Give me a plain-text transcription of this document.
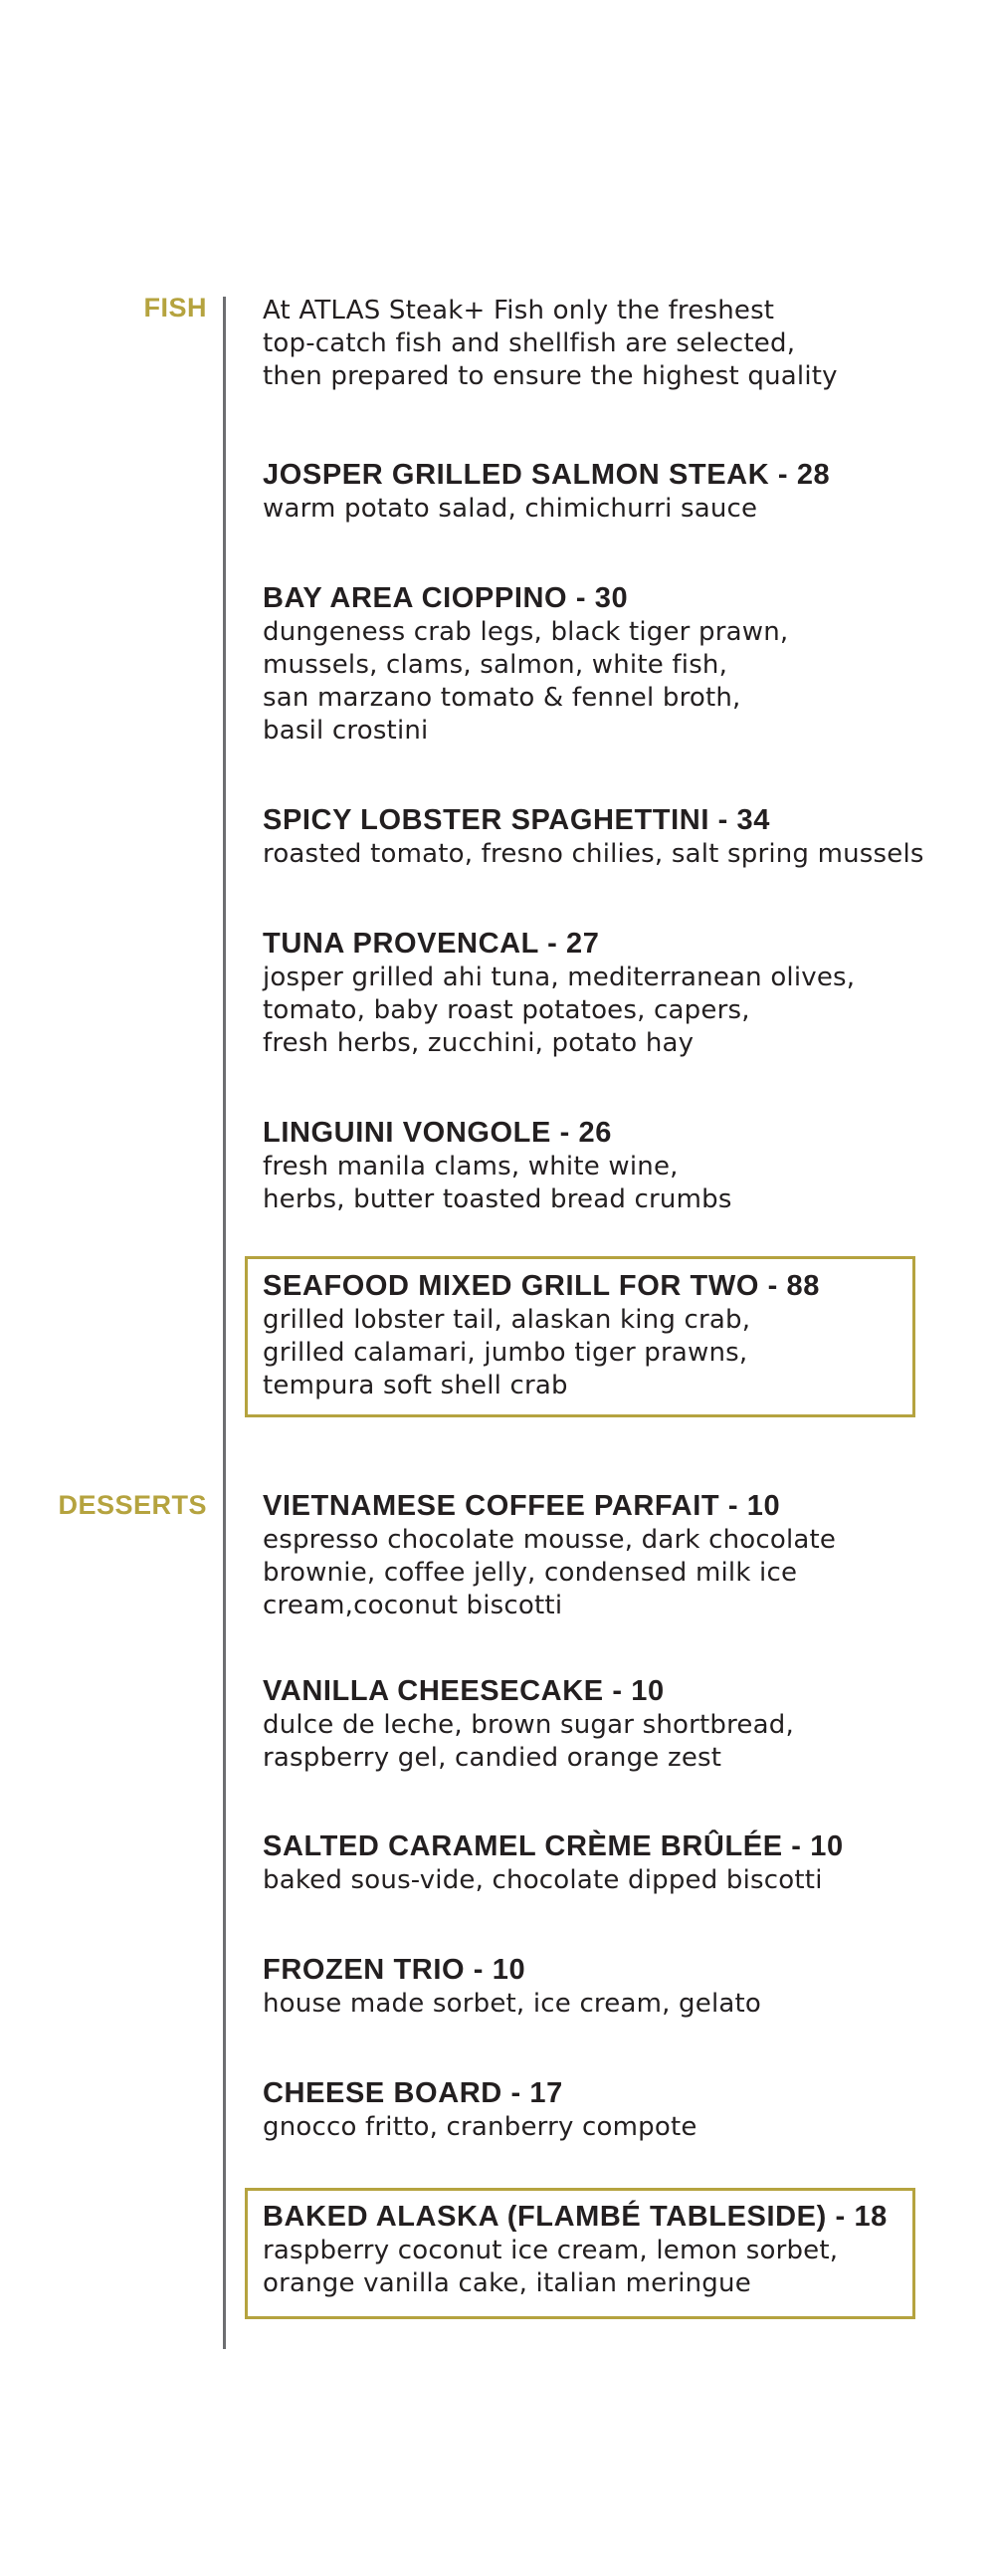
FISH At ATLAS Steak+ Fish only the freshest
top-catch fish and shellfish are selected,
then prepared to ensure the highest quality
JOSPER GRILLED SALMON STEAK - 28
warm potato salad, chimichurri sauce
BAY AREA CIOPPINO - 30
dungeness crab legs, black tiger prawn,
mussels, clams, salmon, white fish,
san marzano tomato & fennel broth,
basil crostini
SPICY LOBSTER SPAGHETTINI - 34
roasted tomato, fresno chilies, salt spring mussels
TUNA PROVENCAL - 27
josper grilled ahi tuna, mediterranean olives,
tomato, baby roast potatoes, capers,
fresh herbs, zucchini, potato hay
LINGUINI VONGOLE - 26
fresh manila clams, white wine,
herbs, butter toasted bread crumbs
SEAFOOD MIXED GRILL FOR TWO - 88
grilled lobster tail, alaskan king crab,
grilled calamari, jumbo tiger prawns,
tempura soft shell crab
DESSERTS VIETNAMESE COFFEE PARFAIT - 10
espresso chocolate mousse, dark chocolate
brownie, coffee jelly, condensed milk ice
cream,coconut biscotti
VANILLA CHEESECAKE - 10
dulce de leche, brown sugar shortbread,
raspberry gel, candied orange zest
SALTED CARAMEL CRÈME BRÛLÉE - 10
baked sous-vide, chocolate dipped biscotti
FROZEN TRIO - 10
house made sorbet, ice cream, gelato
CHEESE BOARD - 17
gnocco fritto, cranberry compote
BAKED ALASKA (FLAMBÉ TABLESIDE) - 18
raspberry coconut ice cream, lemon sorbet,
orange vanilla cake, italian meringue
